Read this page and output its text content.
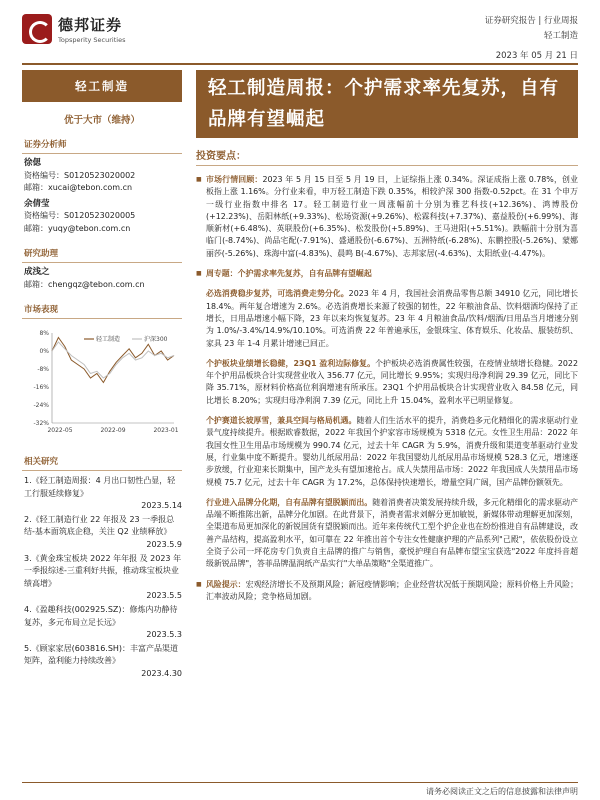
德邦证券
Topsperity Securities
证券研究报告 | 行业周报
轻工制造
2023 年 05 月 21 日
轻工制造
优于大市（维持）
证券分析师
徐偲
资格编号：S0120523020002
邮箱：xucai@tebon.com.cn
余倩莹
资格编号：S0120523020005
邮箱：yuqy@tebon.com.cn
研究助理
成浅之
邮箱：chengqz@tebon.com.cn
市场表现
8%
0%
-8%
-16%
-24%
-32%
2022-05	2022-09	2023-01
轻工制造	沪深300
相关研究
1.《轻工制造周报：4 月出口韧性凸显，轻工行服延续修复》
2023.5.14
2.《轻工制造行业 22 年报及 23 一季报总结-基本面筑底企稳，关注 Q2 业绩释放》
2023.5.9
3.《黄金珠宝板块 2022 年年报 及 2023 年一季报综述-三重利好共振，推动珠宝板块业绩高增》
2023.5.5
4.《盈趣科技(002925.SZ)：修炼内功静待复苏，多元布局立足长远》
2023.5.3
5.《顾家家居(603816.SH)：丰富产品渠道矩阵，盈利能力持续改善》
2023.4.30
轻工制造周报：个护需求率先复苏，自有品牌有望崛起
投资要点：
■ 市场行情回顾：2023 年 5 月 15 日至 5 月 19 日，上证综指上涨 0.34%。深证成指上涨 0.78%，创业板指上涨 1.16%。分行业来看，申万轻工制造下跌 0.35%，相较沪深 300 指数-0.52pct。在 31 个申万一级行业指数中排名 17。轻工制造行业一周涨幅前十分别为雅艺科技(+12.36%)、鸿博股份(+12.23%)、岳阳林纸(+9.33%)、松场资源(+9.26%)、松霖科技(+7.37%)、嘉益股份(+6.99%)、海顺新材(+6.48%)、英联股份(+6.35%)、松发股份(+5.89%)、王马进阳(+5.51%)。跌幅前十分别为喜临门(-8.74%)、尚品宅配(-7.91%)、盛通股份(-6.67%)、五洲特纸(-6.28%)、东鹏控股(-5.26%)、蒙娜丽莎(-5.26%)、珠海中富(-4.83%)、晨鸣 B(-4.67%)、志邦家居(-4.63%)、太阳纸业(-4.47%)。
■ 周专题：个护需求率先复苏，自有品牌有望崛起
必选消费稳步复苏，可选消费走势分化。2023 年 4 月，我国社会消费品零售总额 34910 亿元，同比增长 18.4%。两年复合增速为 2.6%。必选消费增长来源了较强的韧性，22 年粮油食品、饮料烟酒均保持了正增长，日用品增速小幅下降，23 年以来均恢复复苏。23 年 4 月粮油食品/饮料/烟酒/日用品当月增速分别为 1.0%/-3.4%/14.9%/10.10%。可选消费 22 年普遍承压，金银珠宝、体育娱乐、化妆品、服装纺织、家具 23 年 1-4 月累计增速已回正。
个护板块业绩增长稳健，23Q1 盈利边际修复。个护板块必选消费属性较强，在疫情业绩增长稳健。2022 年个护用品板块合计实现营业收入 356.77 亿元，同比增长 9.95%；实现归母净利润 29.39 亿元，同比下降 35.71%，原材料价格高位利润增速有所承压。23Q1 个护用品板块合计实现营业收入 84.58 亿元，同比增长 8.20%；实现归母净利润 7.39 亿元，同比上升 15.04%，盈利水平已明显修复。
个护赛道长坡厚雪，兼具空间与格局机遇。随着人们生活水平的提升，消费趋多元化精细化的需求驱动行业景气度持续提升。根据欧睿数据，2022 年我国个护家容市场规模为 5318 亿元。女性卫生用品：2022 年我国女性卫生用品市场规模为 990.74 亿元，过去十年 CAGR 为 5.9%，消费升级和渠道变革驱动行业发展，行业集中度不断提升。婴幼儿纸尿用品：2022 年我国婴幼儿纸尿用品市场规模 528.3 亿元，增速逐步放缓，行业迎来长期集中，国产龙头有望加速抢占。成人失禁用品市场：2022 年我国成人失禁用品市场规模 75.7 亿元，过去十年 CAGR 为 17.2%，总体保持快速增长，增量空间广阔，国产品牌份额领先。
行业进入品牌分化期，自有品牌有望脱颖而出。随着消费者决策发展持续升级，多元化精细化的需求驱动产品端不断推陈出新，品牌分化加剧。在此背景下，消费者需求刘解分更加敏锐，新媒体带动理解更加深刻，全渠道布局更加深化的新锐国货有望脱颖而出。近年来传统代工型个护企业也在纷纷推进自有品牌建设，改善产品结构，提高盈利水平，如可靠在 22 年推出首个专注女性健康护理的产品系列"己殿"，依依股份设立全资子公司一坪花房专门负责自主品牌的推广与销售，豪悦护理自有品牌布望宝宝获选"2022 年度抖音超级新锐品牌"，答菲品牌温润纸产品实行"大单品策略"全渠道推广。
■ 风险提示：宏观经济增长不及预期风险；新冠疫情影响；企业经营状况低于预期风险；原料价格上升风险；汇率波动风险；竞争格局加剧。
请务必阅读正文之后的信息披露和法律声明
